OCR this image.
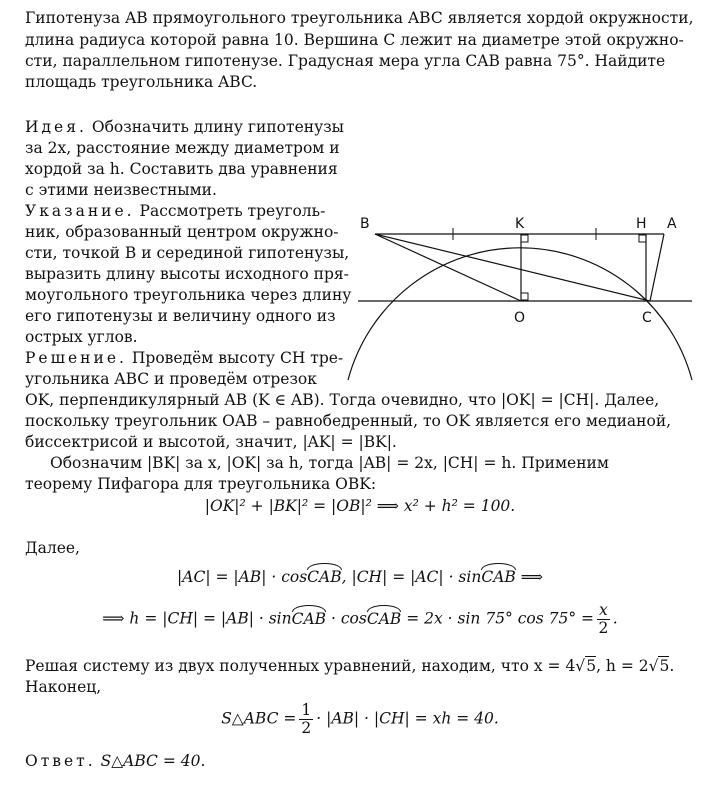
Гипотенуза AB прямоугольного треугольника ABC является хордой окружности,

длина радиуса которой равна 10. Вершина C лежит на диаметре этой окружно-

сти, параллельном гипотенузе. Градусная мера угла CAB равна 75°. Найдите

площадь треугольника ABC.

Идея. Обозначить длину гипотенузы

за 2x, расстояние между диаметром и

хордой за h. Составить два уравнения

с этими неизвестными.

Указание. Рассмотреть треуголь-

ник, образованный центром окружно-

сти, точкой B и серединой гипотенузы,

выразить длину высоты исходного пря-

моугольного треугольника через длину

его гипотенузы и величину одного из

острых углов.

Решение. Проведём высоту CH тре-

угольника ABC и проведём отрезок

OK, перпендикулярный AB (K ∈ AB). Тогда очевидно, что |OK| = |CH|. Далее,

поскольку треугольник OAB – равнобедренный, то OK является его медианой,

биссектрисой и высотой, значит, |AK| = |BK|.

Обозначим |BK| за x, |OK| за h, тогда |AB| = 2x, |CH| = h. Применим

теорему Пифагора для треугольника OBK:

|OK|² + |BK|² = |OB|² ⟹ x² + h² = 100.

Далее,

|AC| = |AB| · cosCAB, |CH| = |AC| · sinCAB ⟹
⟹ h = |CH| = |AB| · sinCAB · cosCAB = 2x · sin 75° $\cos 75^\circ = \frac{x}{2}$ .

Решая систему из двух полученных уравнений, находим, что x = 4√5, h = 2√5.

Наконец,

S△ABC = $\frac{1}{2} \cdot |AB| \cdot |CH|$ = xh = 40.

Ответ. S△ABC = 40.

B	K	H A
O	C
